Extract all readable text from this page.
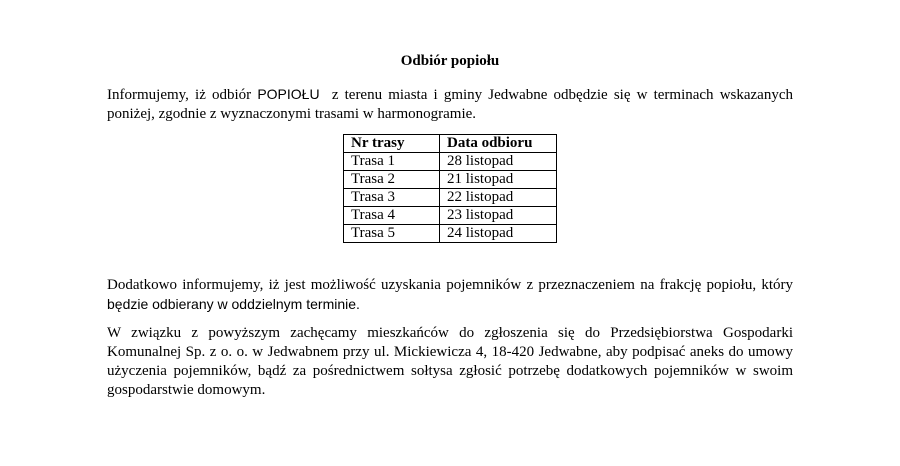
Odbiór popiołu
Informujemy, iż odbiór POPIOŁU  z terenu miasta i gminy Jedwabne odbędzie się w terminach wskazanych poniżej, zgodnie z wyznaczonymi trasami w harmonogramie.
Nr trasy	Data odbioru
Trasa 1	28 listopad
Trasa 2	21 listopad
Trasa 3	22 listopad
Trasa 4	23 listopad
Trasa 5	24 listopad
Dodatkowo informujemy, iż jest możliwość uzyskania pojemników z przeznaczeniem na frakcję popiołu, który będzie odbierany w oddzielnym terminie.
W związku z powyższym zachęcamy mieszkańców do zgłoszenia się do Przedsiębiorstwa Gospodarki Komunalnej Sp. z o. o. w Jedwabnem przy ul. Mickiewicza 4, 18-420 Jedwabne, aby podpisać aneks do umowy użyczenia pojemników, bądź za pośrednictwem sołtysa zgłosić potrzebę dodatkowych pojemników w swoim gospodarstwie domowym.
